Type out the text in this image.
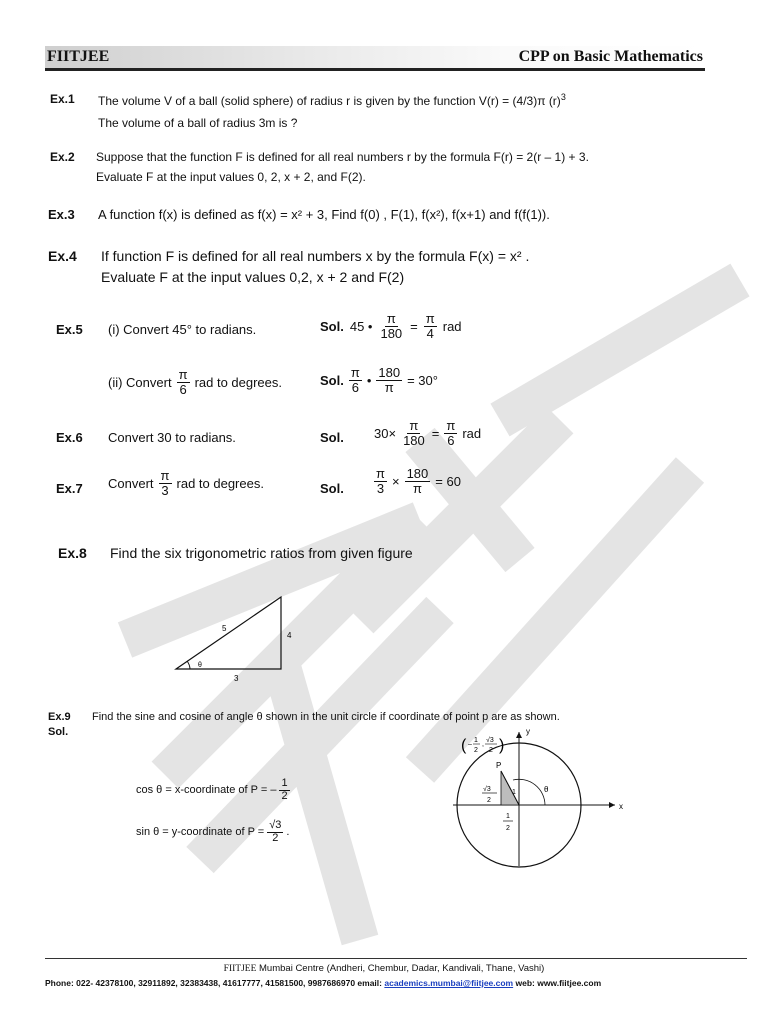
FIITJEE	CPP on Basic Mathematics
Ex.1 The volume V of a ball (solid sphere) of radius r is given by the function V(r) = (4/3)π $(r)^3$
The volume of a ball of radius 3m is ?
Ex.2 Suppose that the function F is defined for all real numbers r by the formula F(r) = 2(r – 1) + 3.
Evaluate F at the input values 0, 2, x + 2, and F(2).
Ex.3 A function f(x) is defined as f(x) = x² + 3, Find f(0) , F(1), f(x²), f(x+1) and f(f(1)).
Ex.4 If function F is defined for all real numbers x by the formula F(x) = x² .
Evaluate F at the input values 0,2, x + 2 and F(2)
Ex.5 (i) Convert 45° to radians.	Sol. 45 • $\frac{\pi}{180} = \frac{\pi}{4}$ rad
(ii) Convert $\frac{\pi}{6}$ rad to degrees.	Sol. $\frac{\pi}{6}$ • $\frac{180}{\pi} = 30^\circ$
Ex.6 Convert 30 to radians.	Sol. $30\times \frac{\pi}{180} = \frac{\pi}{6}$ rad
Ex.7 Convert $\frac{\pi}{3}$ rad to degrees.	Sol. $\frac{\pi}{3} \times \frac{180}{\pi} = 60$
Ex.8 Find the six trigonometric ratios from given figure
5
4
3
θ
Ex.9 Find the sine and cosine of angle θ shown in the unit circle if coordinate of point p are as shown.
Sol.
cos θ = x-coordinate of P = – $\frac{1}{2}$
sin θ = y-coordinate of $P = \frac{√3}{2}$ .
y
x
P
1	θ
1
2
√3
2
( –
1
2
,
√3
2 )
FIITJEE Mumbai Centre (Andheri, Chembur, Dadar, Kandivali, Thane, Vashi)
Phone: 022- 42378100, 32911892, 32383438, 41617777, 41581500, 9987686970 email: academics.mumbai@fiitjee.com web: www.fiitjee.com
